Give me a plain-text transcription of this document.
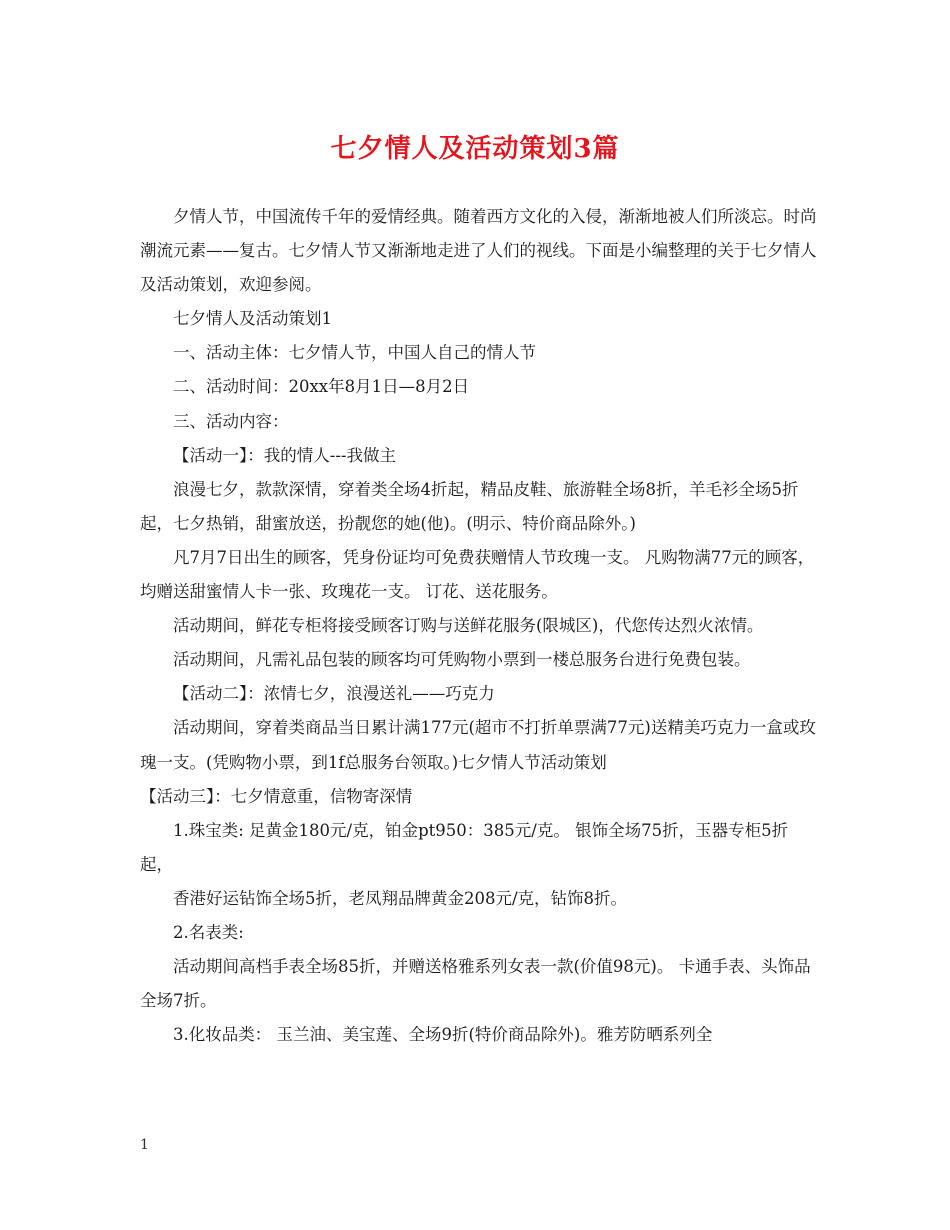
七夕情人及活动策划3篇

夕情人节，中国流传千年的爱情经典。随着西方文化的入侵，渐渐地被人们所淡忘。时尚潮流元素——复古。七夕情人节又渐渐地走进了人们的视线。下面是小编整理的关于七夕情人及活动策划，欢迎参阅。

七夕情人及活动策划1

一、活动主体：七夕情人节，中国人自己的情人节

二、活动时间：20xx年8月1日—8月2日

三、活动内容：

【活动一】：我的情人---我做主

浪漫七夕，款款深情，穿着类全场4折起，精品皮鞋、旅游鞋全场8折，羊毛衫全场5折起，七夕热销，甜蜜放送，扮靓您的她(他)。(明示、特价商品除外。)

凡7月7日出生的顾客，凭身份证均可免费获赠情人节玫瑰一支。 凡购物满77元的顾客，均赠送甜蜜情人卡一张、玫瑰花一支。 订花、送花服务。

活动期间，鲜花专柜将接受顾客订购与送鲜花服务(限城区)，代您传达烈火浓情。

活动期间，凡需礼品包装的顾客均可凭购物小票到一楼总服务台进行免费包装。

【活动二】：浓情七夕，浪漫送礼——巧克力

活动期间，穿着类商品当日累计满177元(超市不打折单票满77元)送精美巧克力一盒或玫瑰一支。(凭购物小票，到1f总服务台领取。)七夕情人节活动策划

【活动三】：七夕情意重，信物寄深情

1.珠宝类: 足黄金180元/克，铂金pt950：385元/克。 银饰全场75折，玉器专柜5折起，

香港好运钻饰全场5折，老凤翔品牌黄金208元/克，钻饰8折。

2.名表类:

活动期间高档手表全场85折，并赠送格雅系列女表一款(价值98元)。 卡通手表、头饰品全场7折。

3.化妆品类： 玉兰油、美宝莲、全场9折(特价商品除外)。雅芳防晒系列全

1
